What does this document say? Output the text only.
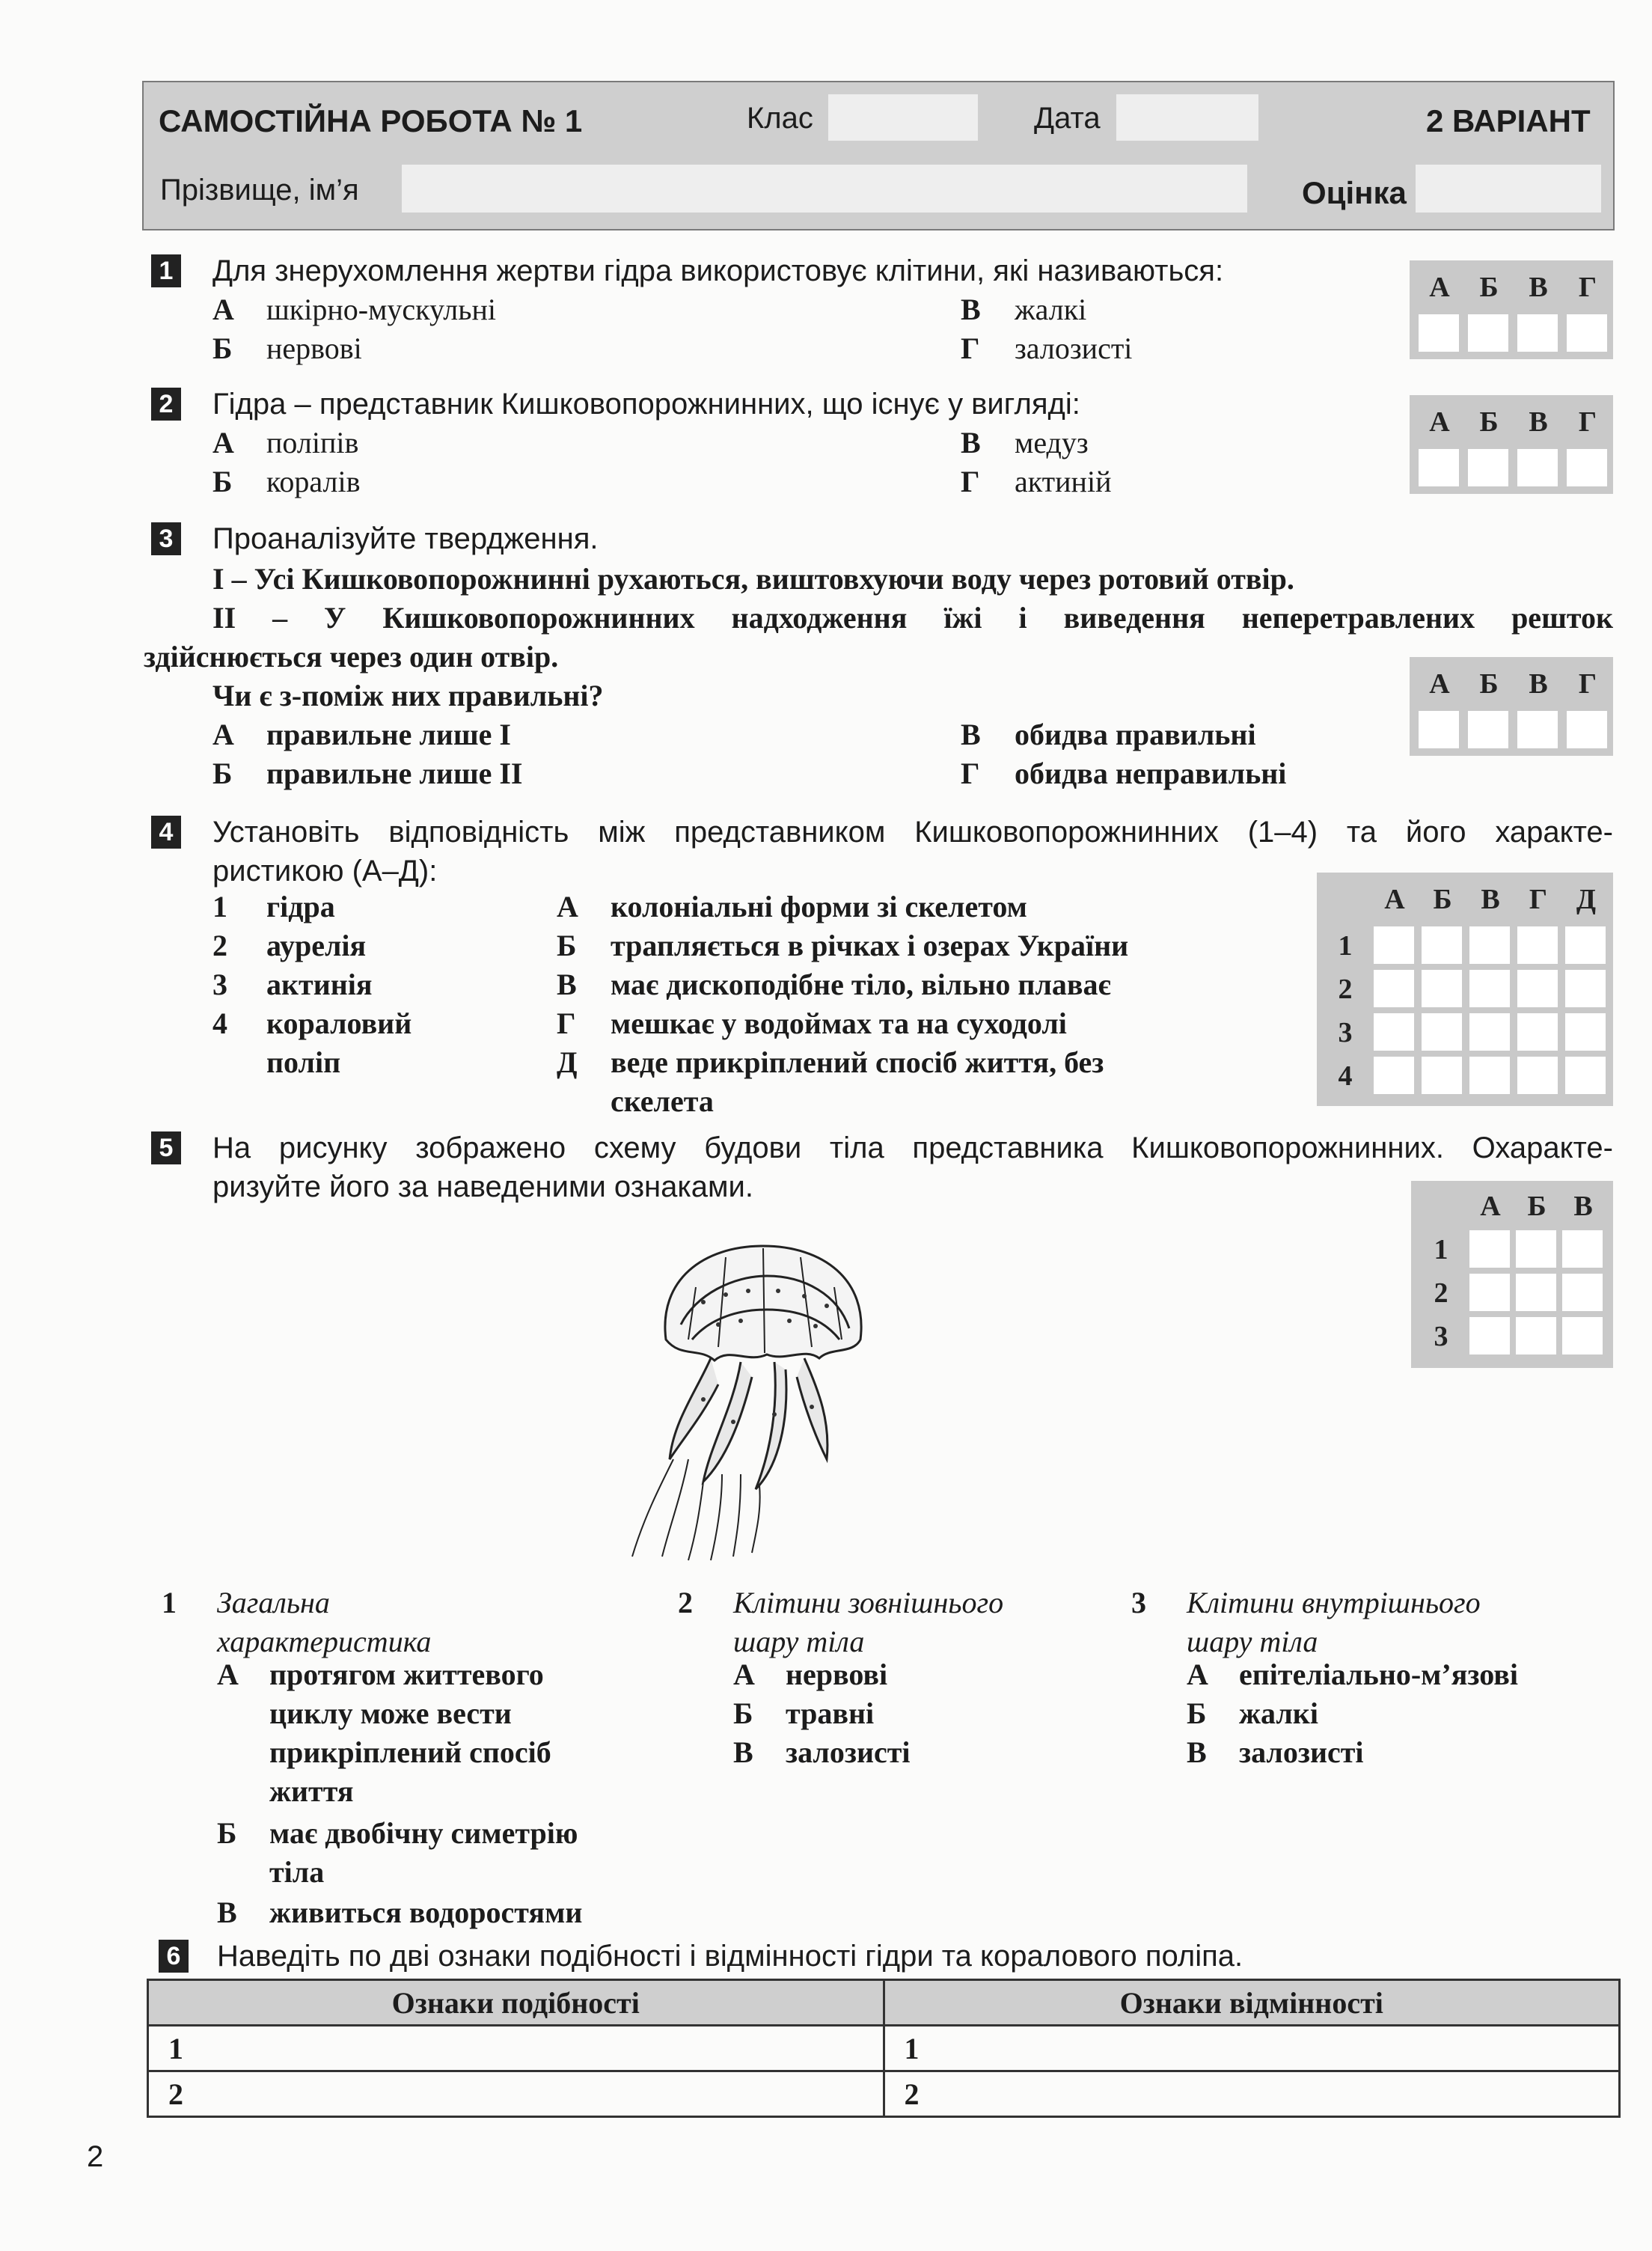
САМОСТІЙНА РОБОТА № 1	Клас	Дата	2 ВАРІАНТ
Прізвище, ім’я	Оцінка
1 Для знерухомлення жертви гідра використовує клітини, які називаються:
А шкірно-мускульні
Б нервові
В жалкі
Г залозисті
А	Б	В	Г
2 Гідра – представник Кишковопорожнинних, що існує у вигляді:
А поліпів
Б коралів
В медуз
Г актиній
А	Б	В	Г
3 Проаналізуйте твердження.
І – Усі Кишковопорожнинні рухаються, виштовхуючи воду через ротовий отвір.
ІІ – У Кишковопорожнинних надходження їжі і виведення неперетравлених решток
здійснюється через один отвір.
Чи є з-поміж них правильні?
А правильне лише І
Б правильне лише ІІ
В обидва правильні
Г обидва неправильні
А	Б	В	Г
4 Установіть відповідність між представником Кишковопорожнинних (1–4) та його характе-
ристикою (А–Д):
1 гідра
2 аурелія
3 актинія
4 кораловий
поліп
А колоніальні форми зі скелетом
Б трапляється в річках і озерах України
В має дископодібне тіло, вільно плаває
Г мешкає у водоймах та на суходолі
Д веде прикріплений спосіб життя, без
скелета
А Б	В	Г	Д
1
2
3
4
5 На рисунку зображено схему будови тіла представника Кишковопорожнинних. Охаракте-
ризуйте його за наведеними ознаками.
А Б В
1
2
3
1 Загальна
характеристика
А протягом життевого
циклу може вести
прикріплений спосіб
життя
Б має двобічну симетрію
тіла
В живиться водоростями
2 Клітини зовнішнього
шару тіла
А нервові
Б травні
В залозисті
3 Клітини внутрішнього
шару тіла
А епітеліально-м’язові
Б жалкі
В залозисті
6 Наведіть по дві ознаки подібності і відмінності гідри та коралового поліпа.
Ознаки подібності	Ознаки відмінності
1	1
2	2
2
